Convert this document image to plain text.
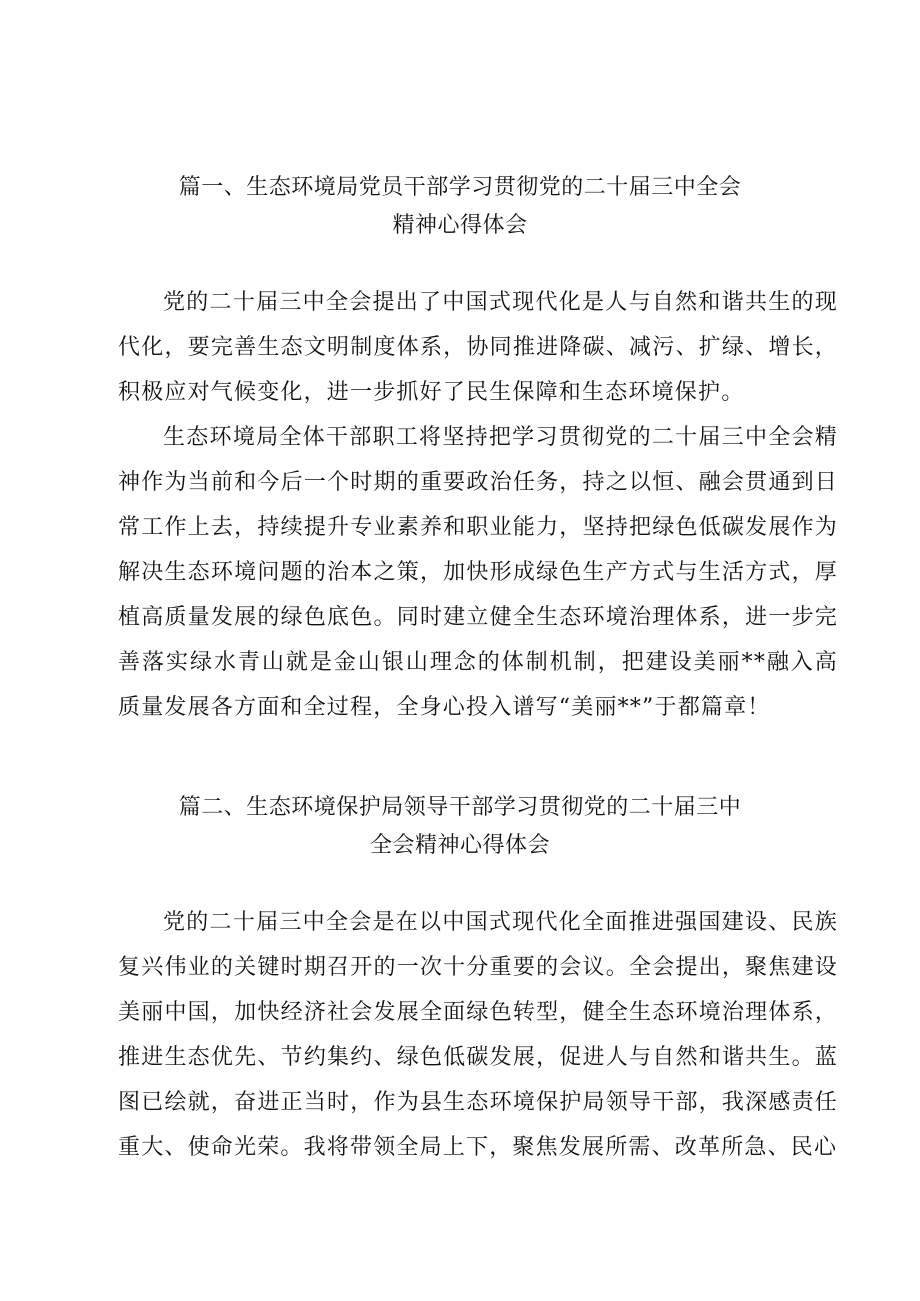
篇一、生态环境局党员干部学习贯彻党的二十届三中全会
精神心得体会

党的二十届三中全会提出了中国式现代化是人与自然和谐共生的现代化，要完善生态文明制度体系，协同推进降碳、减污、扩绿、增长，积极应对气候变化，进一步抓好了民生保障和生态环境保护。

生态环境局全体干部职工将坚持把学习贯彻党的二十届三中全会精神作为当前和今后一个时期的重要政治任务，持之以恒、融会贯通到日常工作上去，持续提升专业素养和职业能力，坚持把绿色低碳发展作为解决生态环境问题的治本之策，加快形成绿色生产方式与生活方式，厚植高质量发展的绿色底色。同时建立健全生态环境治理体系，进一步完善落实绿水青山就是金山银山理念的体制机制，把建设美丽**融入高质量发展各方面和全过程，全身心投入谱写“美丽**”于都篇章！

篇二、生态环境保护局领导干部学习贯彻党的二十届三中
全会精神心得体会

党的二十届三中全会是在以中国式现代化全面推进强国建设、民族复兴伟业的关键时期召开的一次十分重要的会议。全会提出，聚焦建设美丽中国，加快经济社会发展全面绿色转型，健全生态环境治理体系，推进生态优先、节约集约、绿色低碳发展，促进人与自然和谐共生。蓝图已绘就，奋进正当时，作为县生态环境保护局领导干部，我深感责任重大、使命光荣。我将带领全局上下，聚焦发展所需、改革所急、民心
